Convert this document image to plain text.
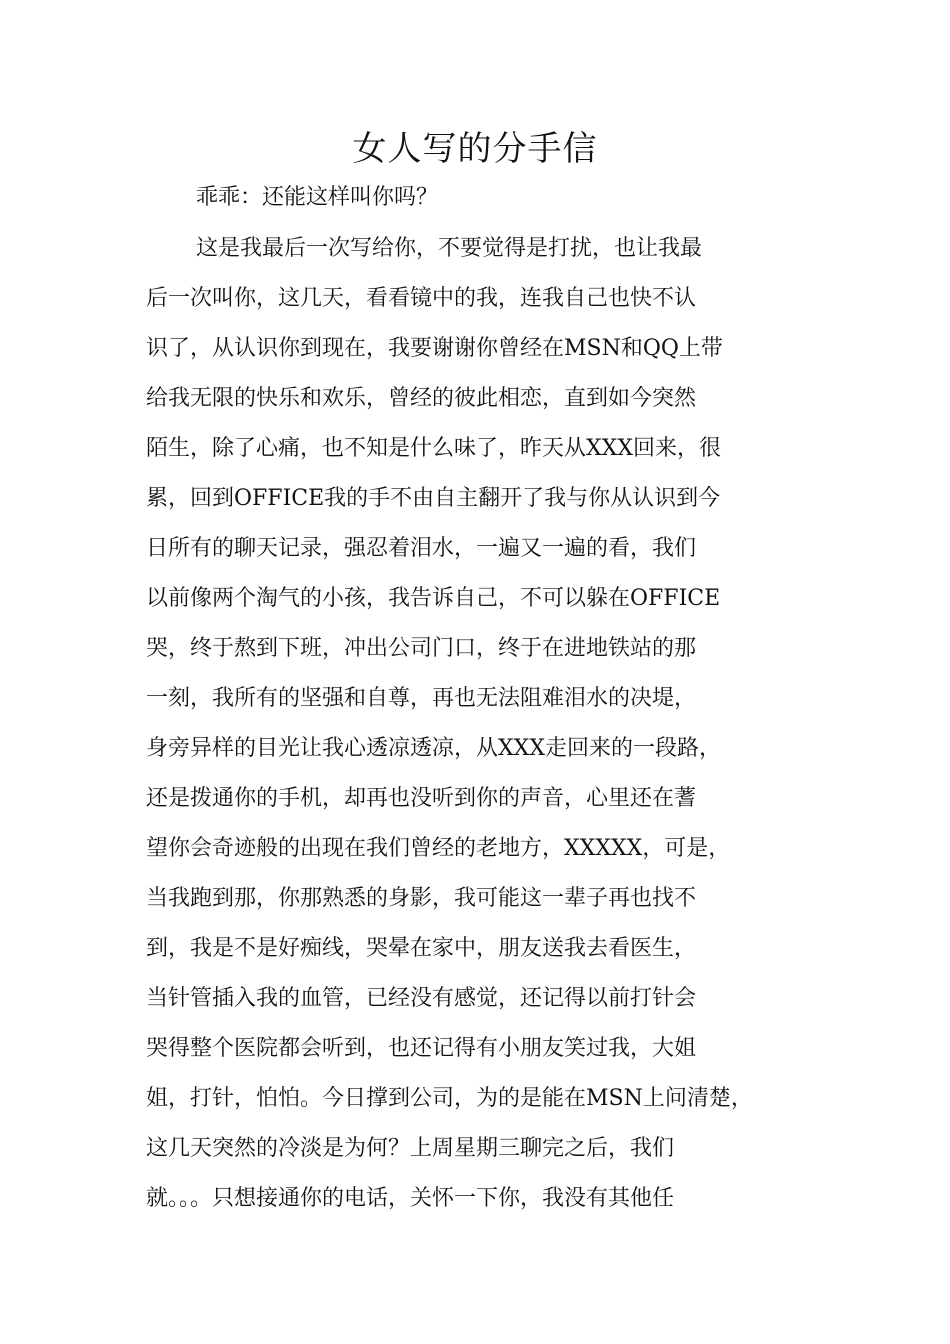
女人写的分手信
乖乖：还能这样叫你吗？
这是我最后一次写给你，不要觉得是打扰，也让我最
后一次叫你，这几天，看看镜中的我，连我自己也快不认
识了，从认识你到现在，我要谢谢你曾经在MSN和QQ上带
给我无限的快乐和欢乐，曾经的彼此相恋，直到如今突然
陌生，除了心痛，也不知是什么味了，昨天从XXX回来，很
累，回到OFFICE我的手不由自主翻开了我与你从认识到今
日所有的聊天记录，强忍着泪水，一遍又一遍的看，我们
以前像两个淘气的小孩，我告诉自己，不可以躲在OFFICE
哭，终于熬到下班，冲出公司门口，终于在进地铁站的那
一刻，我所有的坚强和自尊，再也无法阻难泪水的决堤，
身旁异样的目光让我心透凉透凉，从XXX走回来的一段路，
还是拨通你的手机，却再也没听到你的声音，心里还在蓍
望你会奇迹般的出现在我们曾经的老地方，XXXXX，可是，
当我跑到那，你那熟悉的身影，我可能这一辈子再也找不
到，我是不是好痴线，哭晕在家中，朋友送我去看医生，
当针管插入我的血管，已经没有感觉，还记得以前打针会
哭得整个医院都会听到，也还记得有小朋友笑过我，大姐
姐，打针，怕怕。今日撑到公司，为的是能在MSN上问清楚，
这几天突然的冷淡是为何？上周星期三聊完之后，我们
就。。。只想接通你的电话，关怀一下你，我没有其他任
